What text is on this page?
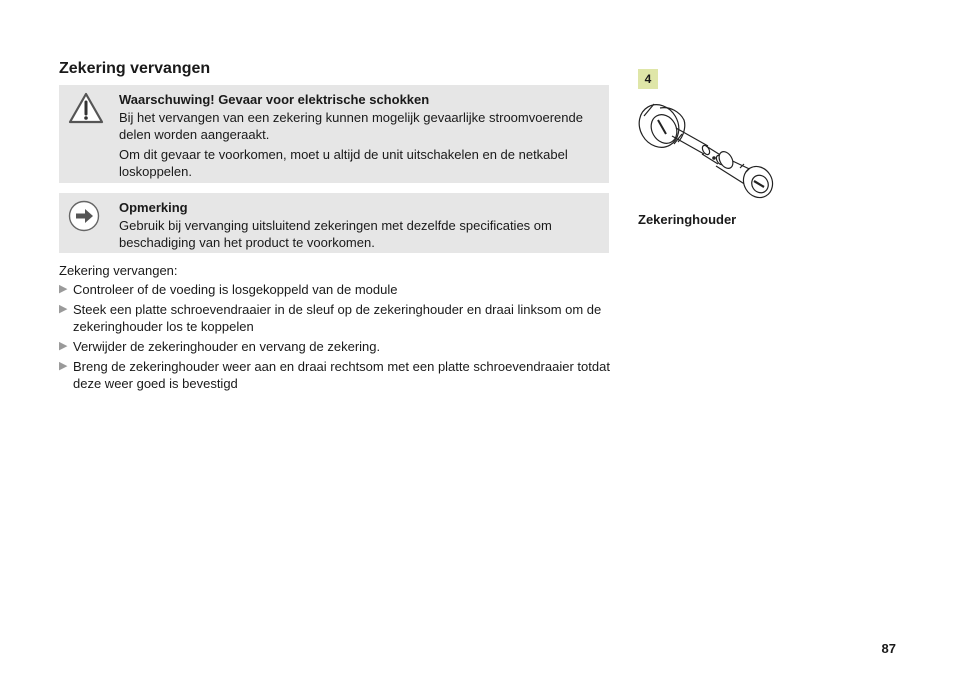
Zekering vervangen
Waarschuwing! Gevaar voor elektrische schokken

Bij het vervangen van een zekering kunnen mogelijk gevaarlijke stroomvoerende delen worden aangeraakt.

Om dit gevaar te voorkomen, moet u altijd de unit uitschakelen en de netkabel loskoppelen.

Opmerking

Gebruik bij vervanging uitsluitend zekeringen met dezelfde specificaties om beschadiging van het product te voorkomen.

Zekering vervangen:

▶ Controleer of de voeding is losgekoppeld van de module
▶ Steek een platte schroevendraaier in de sleuf op de zekeringhouder en draai linksom om de zekeringhouder los te koppelen
▶ Verwijder de zekeringhouder en vervang de zekering.
▶ Breng de zekeringhouder weer aan en draai rechtsom met een platte schroevendraaier totdat deze weer goed is bevestigd
4

Zekeringhouder

87
